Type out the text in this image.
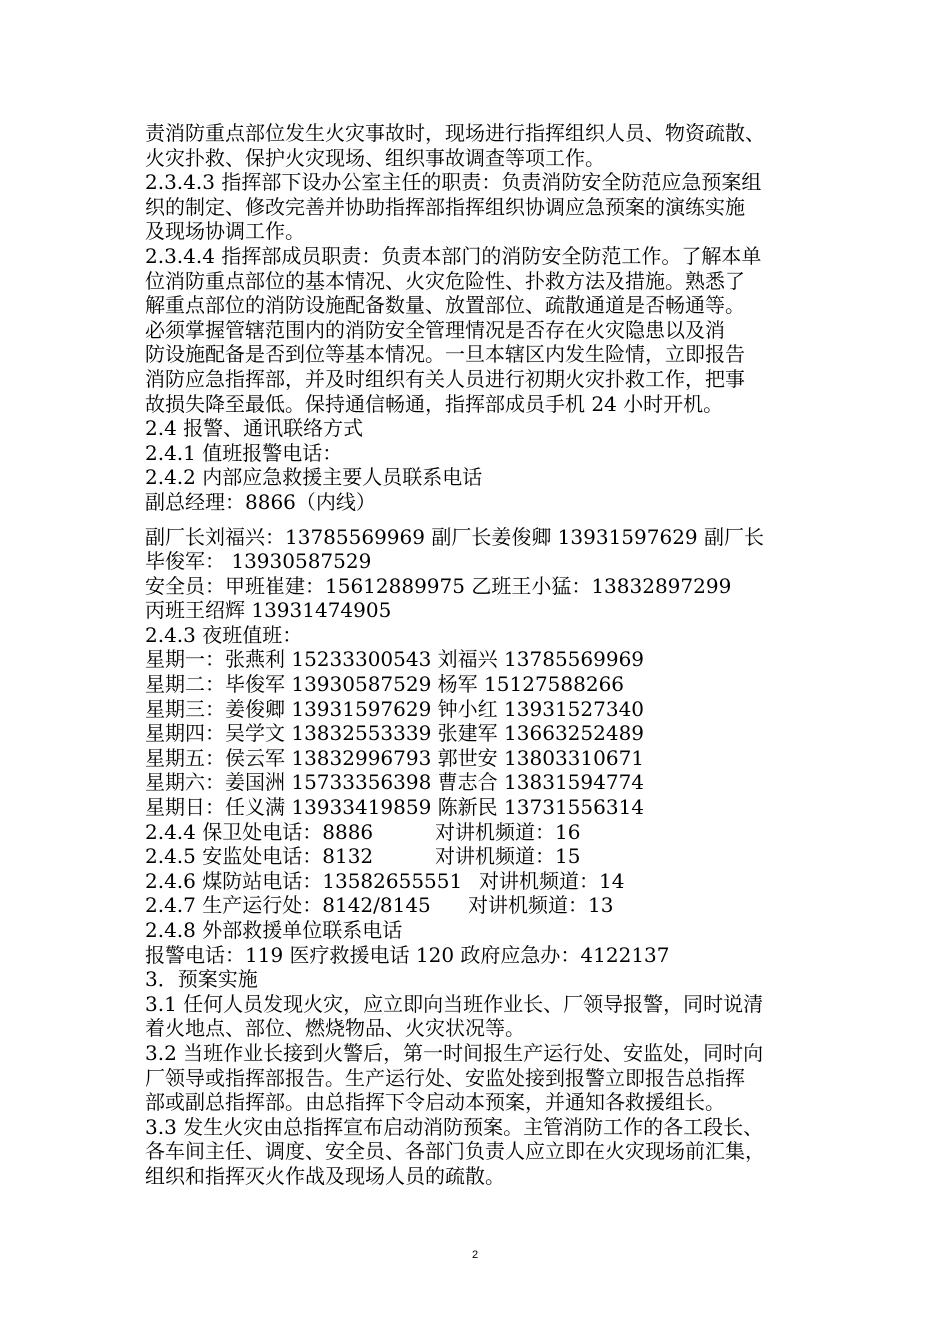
责消防重点部位发生火灾事故时，现场进行指挥组织人员、物资疏散、

火灾扑救、保护火灾现场、组织事故调查等项工作。

2.3.4.3 指挥部下设办公室主任的职责：负责消防安全防范应急预案组

织的制定、修改完善并协助指挥部指挥组织协调应急预案的演练实施

及现场协调工作。

2.3.4.4 指挥部成员职责：负责本部门的消防安全防范工作。了解本单

位消防重点部位的基本情况、火灾危险性、扑救方法及措施。熟悉了

解重点部位的消防设施配备数量、放置部位、疏散通道是否畅通等。

必须掌握管辖范围内的消防安全管理情况是否存在火灾隐患以及消

防设施配备是否到位等基本情况。一旦本辖区内发生险情，立即报告

消防应急指挥部，并及时组织有关人员进行初期火灾扑救工作，把事

故损失降至最低。保持通信畅通，指挥部成员手机 24 小时开机。

2.4 报警、通讯联络方式

2.4.1 值班报警电话：

2.4.2 内部应急救援主要人员联系电话

副总经理：8866（内线）

副厂长刘福兴：13785569969 副厂长姜俊卿 13931597629 副厂长

毕俊军： 13930587529

安全员：甲班崔建：15612889975 乙班王小猛：13832897299

丙班王绍辉 13931474905

2.4.3 夜班值班：

星期一：张燕利 15233300543 刘福兴 13785569969

星期二：毕俊军 13930587529 杨军 15127588266

星期三：姜俊卿 13931597629 钟小红 13931527340

星期四：吴学文 13832553339 张建军 13663252489

星期五：侯云军 13832996793 郭世安 13803310671

星期六：姜国洲 15733356398 曹志合 13831594774

星期日：任义满 13933419859 陈新民 13731556314

2.4.4 保卫处电话：8886	对讲机频道：16

2.4.5 安监处电话：8132	对讲机频道：15

2.4.6 煤防站电话：13582655551 对讲机频道：14

2.4.7 生产运行处：8142/8145 对讲机频道：13

2.4.8 外部救援单位联系电话

报警电话：119 医疗救援电话 120 政府应急办：4122137

3．预案实施

3.1 任何人员发现火灾，应立即向当班作业长、厂领导报警，同时说清

着火地点、部位、燃烧物品、火灾状况等。

3.2 当班作业长接到火警后，第一时间报生产运行处、安监处，同时向

厂领导或指挥部报告。生产运行处、安监处接到报警立即报告总指挥

部或副总指挥部。由总指挥下令启动本预案，并通知各救援组长。

3.3 发生火灾由总指挥宣布启动消防预案。主管消防工作的各工段长、

各车间主任、调度、安全员、各部门负责人应立即在火灾现场前汇集，

组织和指挥灭火作战及现场人员的疏散。

2
